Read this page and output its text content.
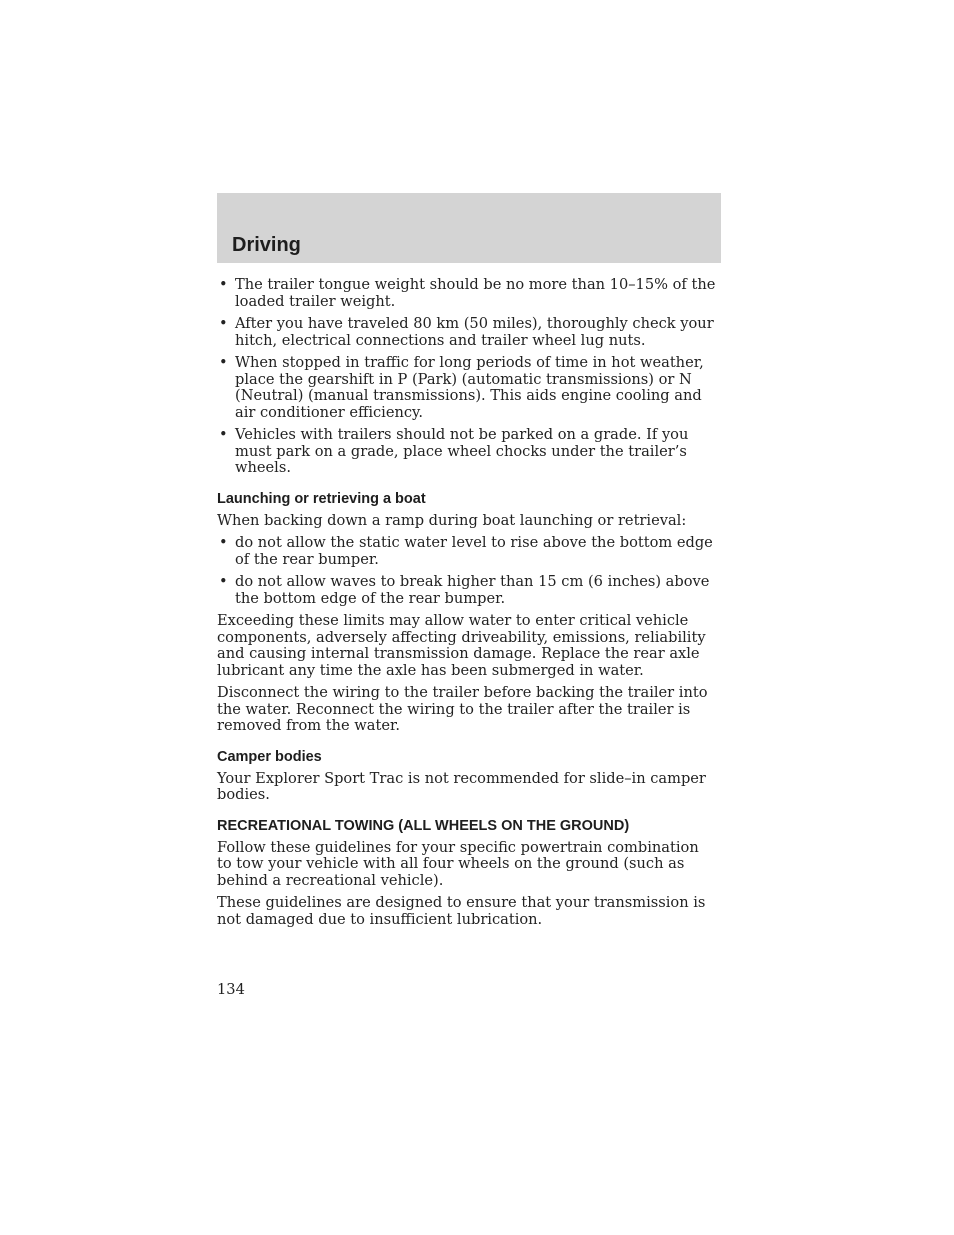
Driving
• The trailer tongue weight should be no more than 10–15% of the loaded trailer weight.
• After you have traveled 80 km (50 miles), thoroughly check your hitch, electrical connections and trailer wheel lug nuts.
• When stopped in traffic for long periods of time in hot weather, place the gearshift in P (Park) (automatic transmissions) or N (Neutral) (manual transmissions). This aids engine cooling and air conditioner efficiency.
• Vehicles with trailers should not be parked on a grade. If you must park on a grade, place wheel chocks under the trailer’s wheels.
Launching or retrieving a boat

When backing down a ramp during boat launching or retrieval:

• do not allow the static water level to rise above the bottom edge of the rear bumper.
• do not allow waves to break higher than 15 cm (6 inches) above the bottom edge of the rear bumper.

Exceeding these limits may allow water to enter critical vehicle components, adversely affecting driveability, emissions, reliability and causing internal transmission damage. Replace the rear axle lubricant any time the axle has been submerged in water.

Disconnect the wiring to the trailer before backing the trailer into the water. Reconnect the wiring to the trailer after the trailer is removed from the water.

Camper bodies

Your Explorer Sport Trac is not recommended for slide–in camper bodies.

RECREATIONAL TOWING (ALL WHEELS ON THE GROUND)

Follow these guidelines for your specific powertrain combination to tow your vehicle with all four wheels on the ground (such as behind a recreational vehicle).

These guidelines are designed to ensure that your transmission is not damaged due to insufficient lubrication.

134
